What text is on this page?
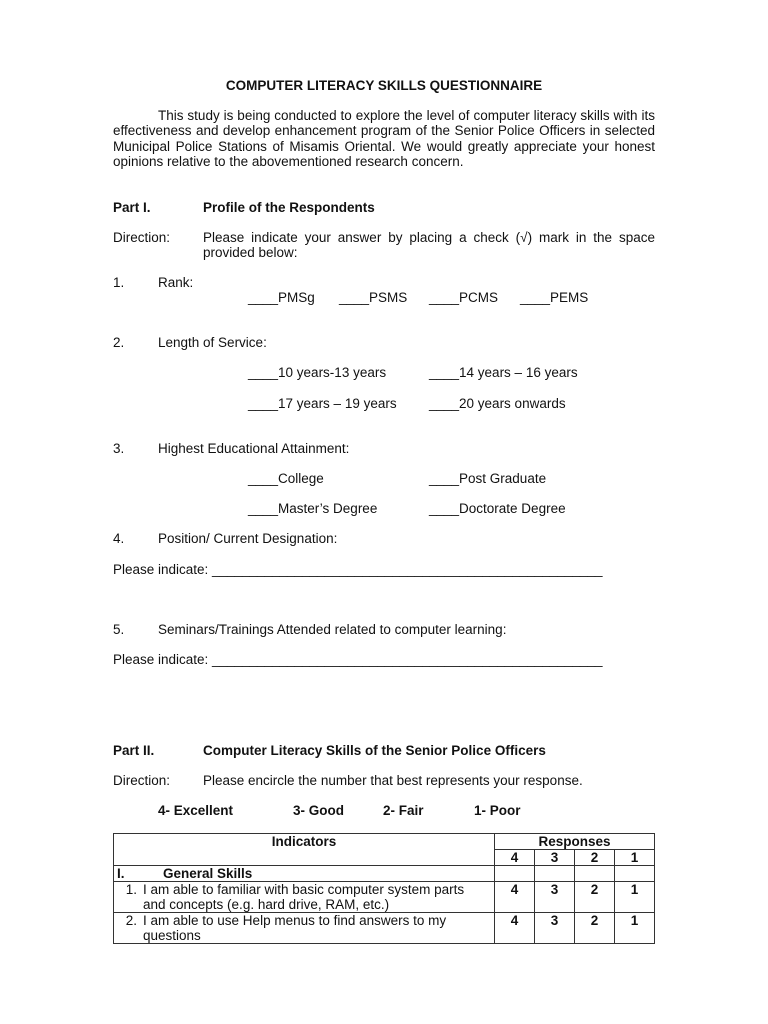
COMPUTER LITERACY SKILLS QUESTIONNAIRE
This study is being conducted to explore the level of computer literacy skills with its effectiveness and develop enhancement program of the Senior Police Officers in selected Municipal Police Stations of Misamis Oriental. We would greatly appreciate your honest opinions relative to the abovementioned research concern.
Part I.	Profile of the Respondents
Direction: Please indicate your answer by placing a check (√) mark in the space provided below:
1. Rank:
____PMSg ____PSMS ____PCMS ____PEMS
2. Length of Service:
____10 years-13 years	____14 years – 16 years
____17 years – 19 years ____20 years onwards
3. Highest Educational Attainment:
____College	____Post Graduate
____Master’s Degree	____Doctorate Degree
4. Position/ Current Designation:
Please indicate: ____________________________________________________
5. Seminars/Trainings Attended related to computer learning:
Please indicate: ____________________________________________________
Part II.	Computer Literacy Skills of the Senior Police Officers
Direction: Please encircle the number that best represents your response.
4- Excellent	3- Good	2- Fair	1- Poor
Indicators	Responses			
	4	3	2	1
I. General Skills				
1. I am able to familiar with basic computer system parts and concepts (e.g. hard drive, RAM, etc.)	4	3	2	1
2. I am able to use Help menus to find answers to my questions	4	3	2	1
